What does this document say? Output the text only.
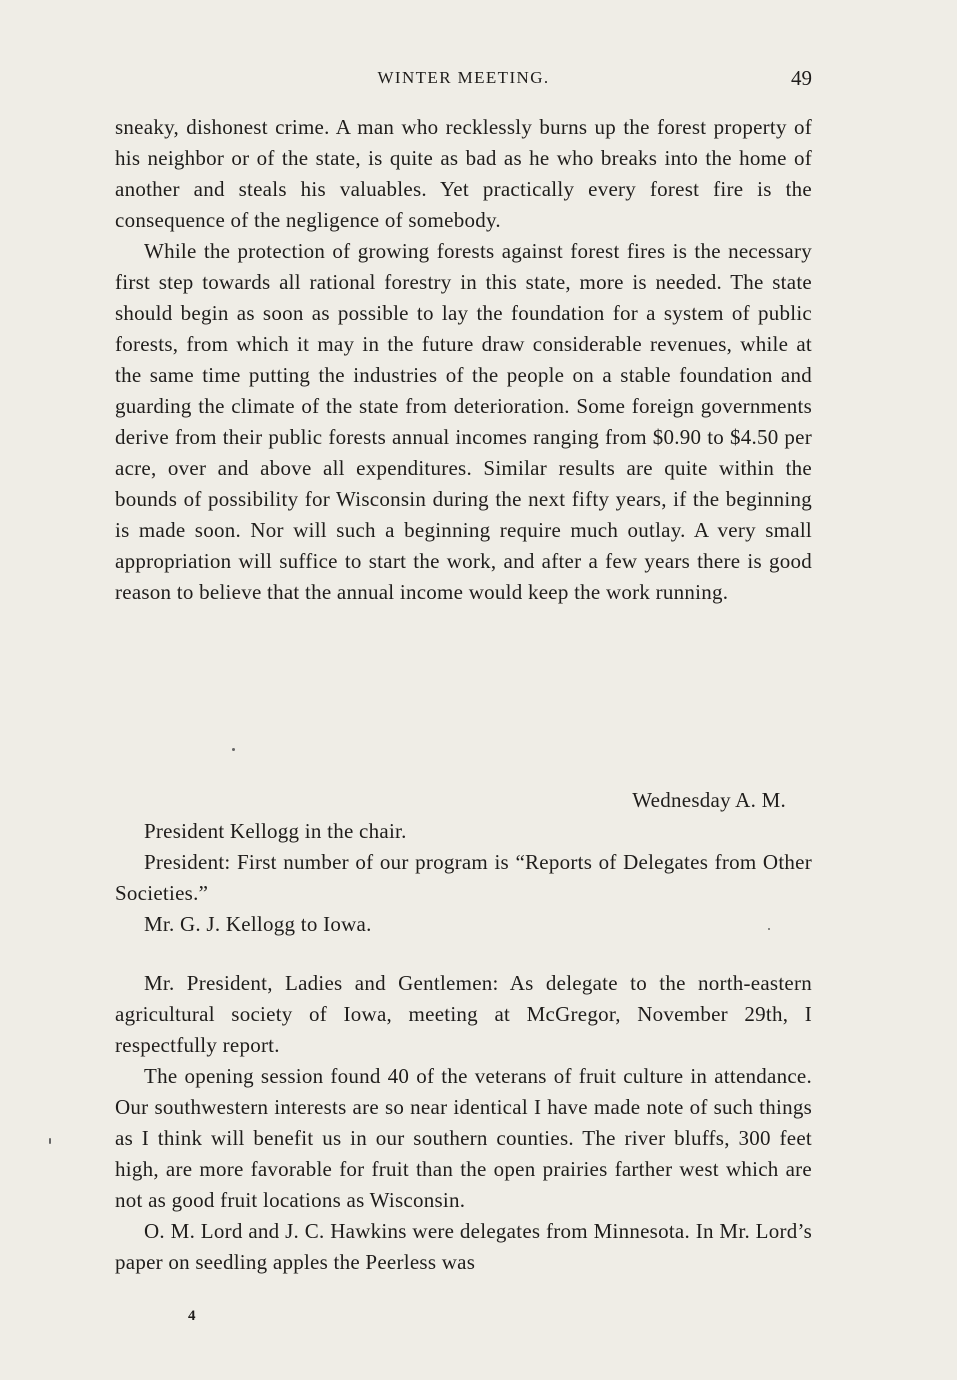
WINTER MEETING.	49

sneaky, dishonest crime. A man who recklessly burns up the forest property of his neighbor or of the state, is quite as bad as he who breaks into the home of another and steals his valuables. Yet practically every forest fire is the consequence of the negligence of somebody.

While the protection of growing forests against forest fires is the necessary first step towards all rational forestry in this state, more is needed. The state should begin as soon as possible to lay the foundation for a system of public forests, from which it may in the future draw considerable revenues, while at the same time putting the industries of the people on a stable foundation and guarding the climate of the state from deterioration. Some foreign governments derive from their public forests annual incomes ranging from $0.90 to $4.50 per acre, over and above all expenditures. Similar results are quite within the bounds of possibility for Wisconsin during the next fifty years, if the beginning is made soon. Nor will such a beginning require much outlay. A very small appropriation will suffice to start the work, and after a few years there is good reason to believe that the annual income would keep the work running.

Wednesday A. M.

President Kellogg in the chair.

President: First number of our program is “Reports of Delegates from Other Societies.”

Mr. G. J. Kellogg to Iowa.

Mr. President, Ladies and Gentlemen: As delegate to the north-eastern agricultural society of Iowa, meeting at McGregor, November 29th, I respectfully report.

The opening session found 40 of the veterans of fruit culture in attendance. Our southwestern interests are so near identical I have made note of such things as I think will benefit us in our southern counties. The river bluffs, 300 feet high, are more favorable for fruit than the open prairies farther west which are not as good fruit locations as Wisconsin.

O. M. Lord and J. C. Hawkins were delegates from Minnesota. In Mr. Lord’s paper on seedling apples the Peerless was

4
